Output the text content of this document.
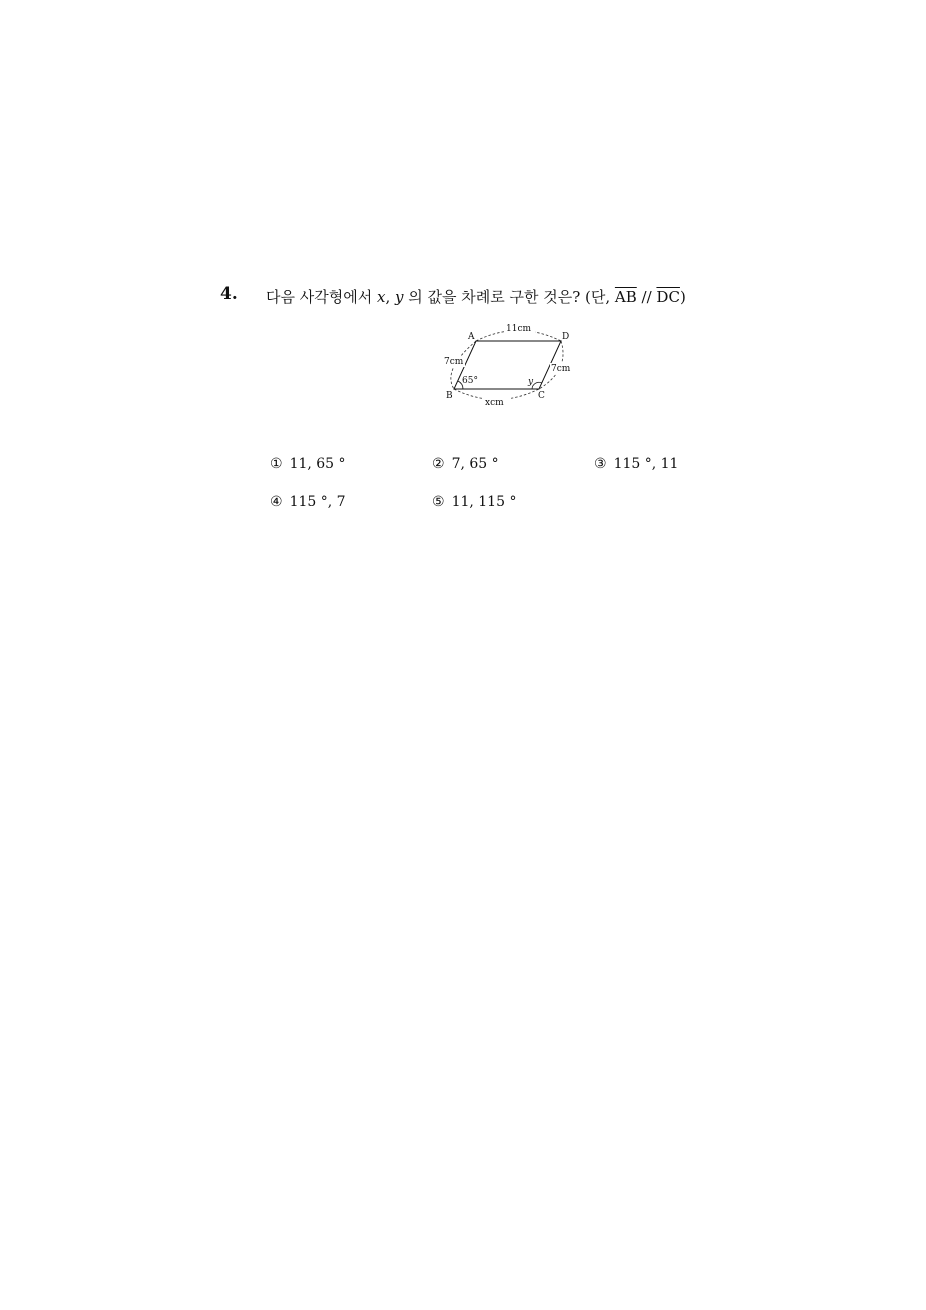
4. 다음 사각형에서 x, y 의 값을 차례로 구한 것은? (단, $\overline{AB} // \overline{DC}$)
11cm
7cm
7cm
xcm
A	D
B	C
65°	y
① 11, 65 °	② 7, 65 °	③ 115 °, 11
④ 115 °, 7	⑤ 11, 115 °
